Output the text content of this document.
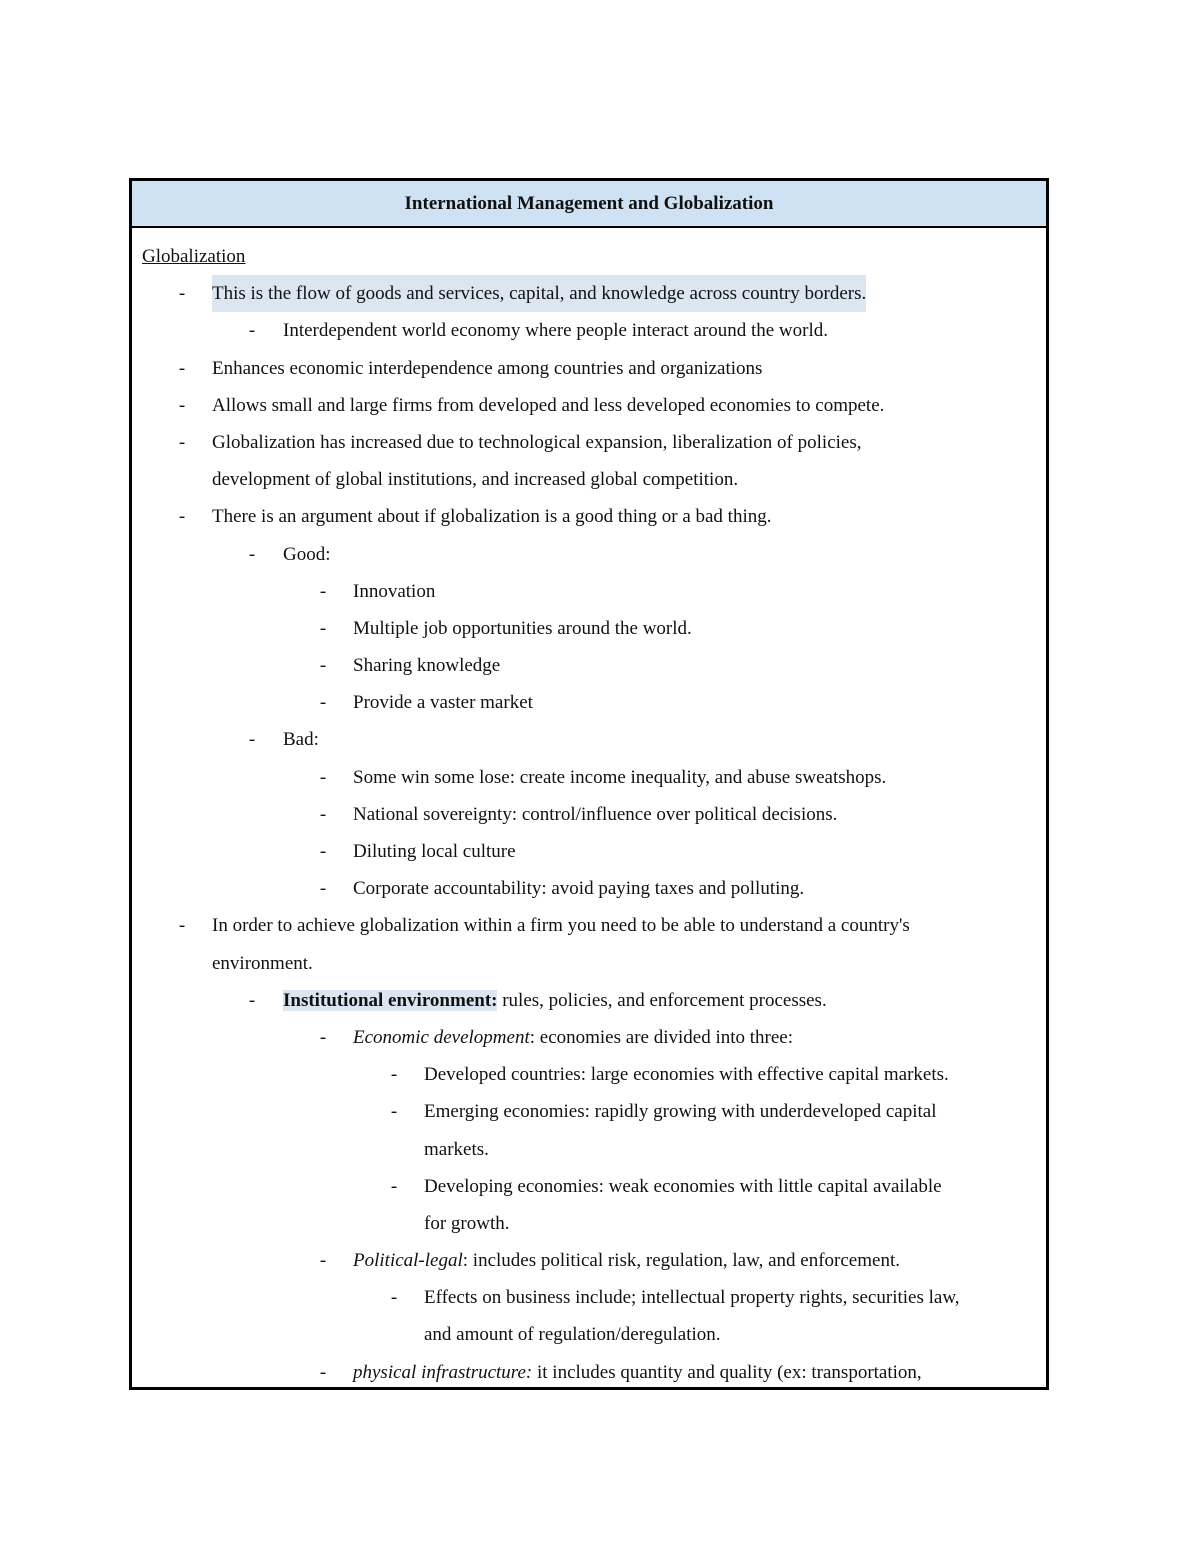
International Management and Globalization
Globalization
- This is the flow of goods and services, capital, and knowledge across country borders.
- Interdependent world economy where people interact around the world.
- Enhances economic interdependence among countries and organizations
- Allows small and large firms from developed and less developed economies to compete.
- Globalization has increased due to technological expansion, liberalization of policies,
development of global institutions, and increased global competition.
- There is an argument about if globalization is a good thing or a bad thing.
- Good:
- Innovation
- Multiple job opportunities around the world.
- Sharing knowledge
- Provide a vaster market
- Bad:
- Some win some lose: create income inequality, and abuse sweatshops.
- National sovereignty: control/influence over political decisions.
- Diluting local culture
- Corporate accountability: avoid paying taxes and polluting.
- In order to achieve globalization within a firm you need to be able to understand a country's
environment.
- Institutional environment: rules, policies, and enforcement processes.
- Economic development: economies are divided into three:
- Developed countries: large economies with effective capital markets.
- Emerging economies: rapidly growing with underdeveloped capital
markets.
- Developing economies: weak economies with little capital available
for growth.
- Political-legal: includes political risk, regulation, law, and enforcement.
- Effects on business include; intellectual property rights, securities law,
and amount of regulation/deregulation.
- physical infrastructure: it includes quantity and quality (ex: transportation,
